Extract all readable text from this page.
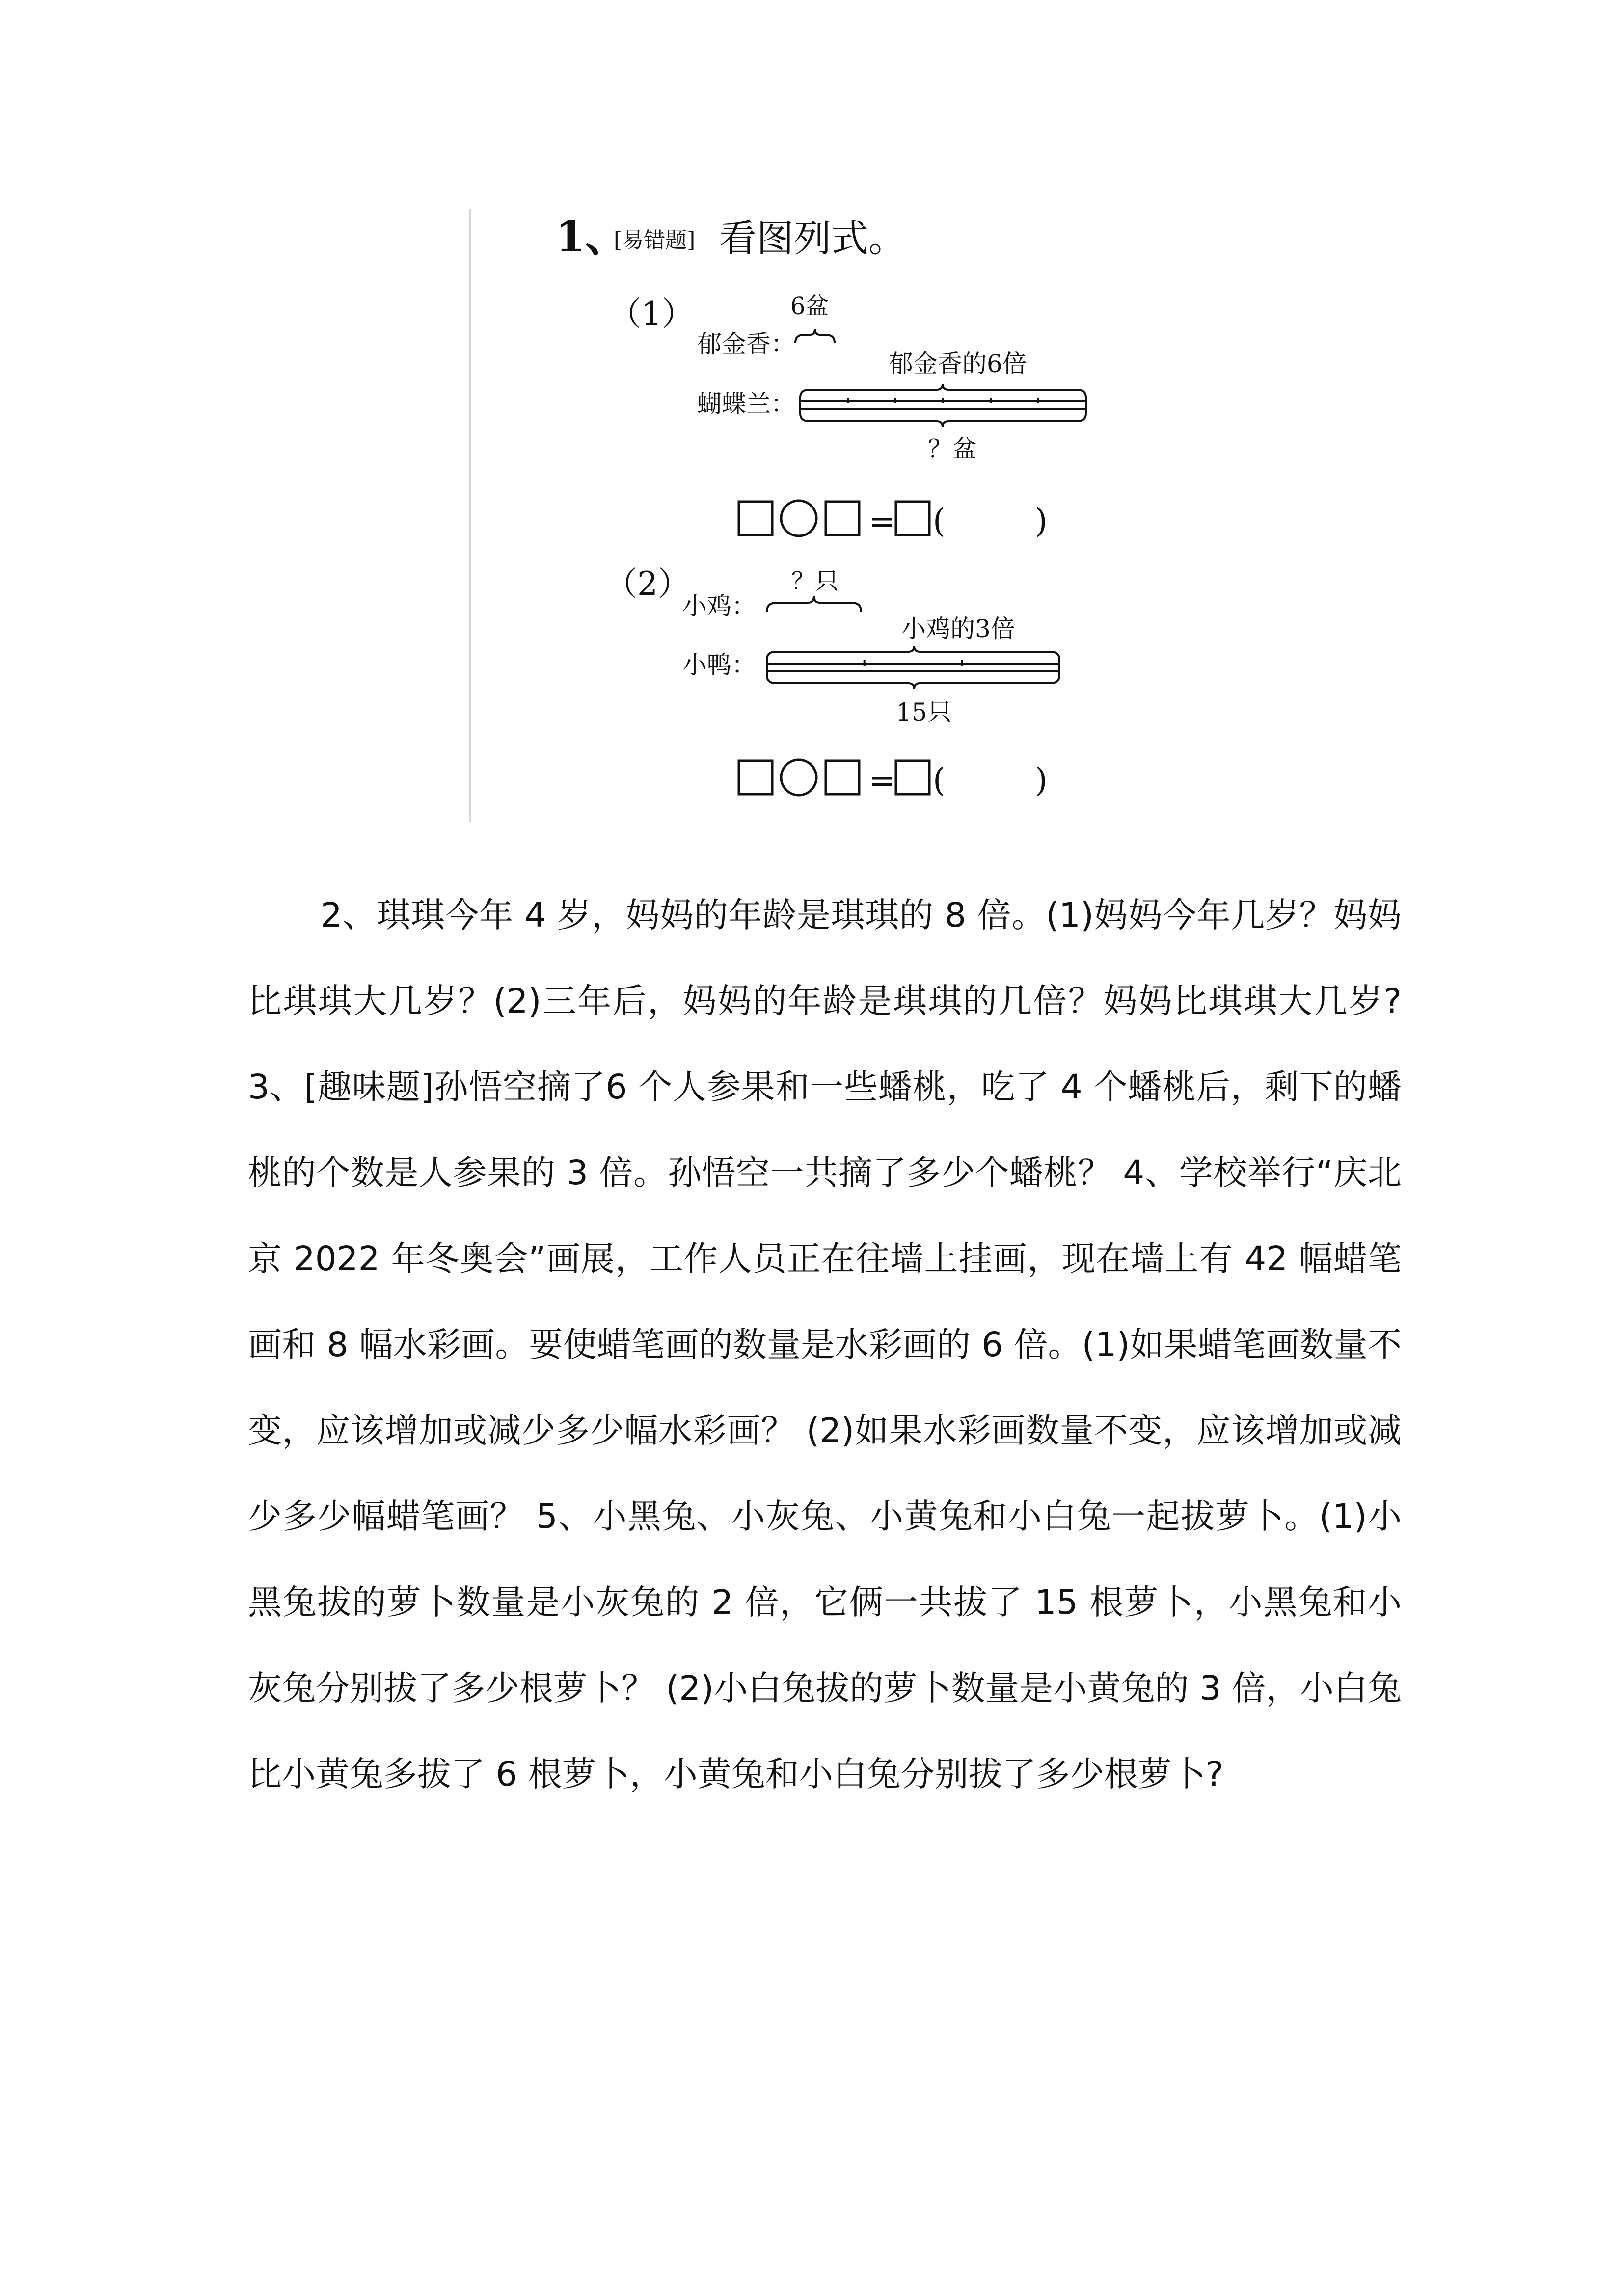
1、
[易错题] 看图列式。
（1）	6盆
郁金香：
郁金香的6倍
蝴蝶兰：
？盆
= (	)
（2）	？只
小鸡：
小鸡的3倍
小鸭：
15只
= (	)

2、琪琪今年 4 岁，妈妈的年龄是琪琪的 8 倍。(1)妈妈今年几岁？妈妈比琪琪大几岁？(2)三年后，妈妈的年龄是琪琪的几倍？妈妈比琪琪大几岁?3、[趣味题]孙悟空摘了6 个人参果和一些蟠桃，吃了 4 个蟠桃后，剩下的蟠桃的个数是人参果的 3 倍。孙悟空一共摘了多少个蟠桃？ 4、学校举行“庆北京 2022 年冬奥会”画展，工作人员正在往墙上挂画，现在墙上有 42 幅蜡笔画和 8 幅水彩画。要使蜡笔画的数量是水彩画的 6 倍。(1)如果蜡笔画数量不变，应该增加或减少多少幅水彩画？ (2)如果水彩画数量不变，应该增加或减少多少幅蜡笔画？ 5、小黑兔、小灰兔、小黄兔和小白兔一起拔萝卜。(1)小黑兔拔的萝卜数量是小灰兔的 2 倍，它俩一共拔了 15 根萝卜，小黑兔和小灰兔分别拔了多少根萝卜？ (2)小白兔拔的萝卜数量是小黄兔的 3 倍，小白兔比小黄兔多拔了 6 根萝卜，小黄兔和小白兔分别拔了多少根萝卜?
